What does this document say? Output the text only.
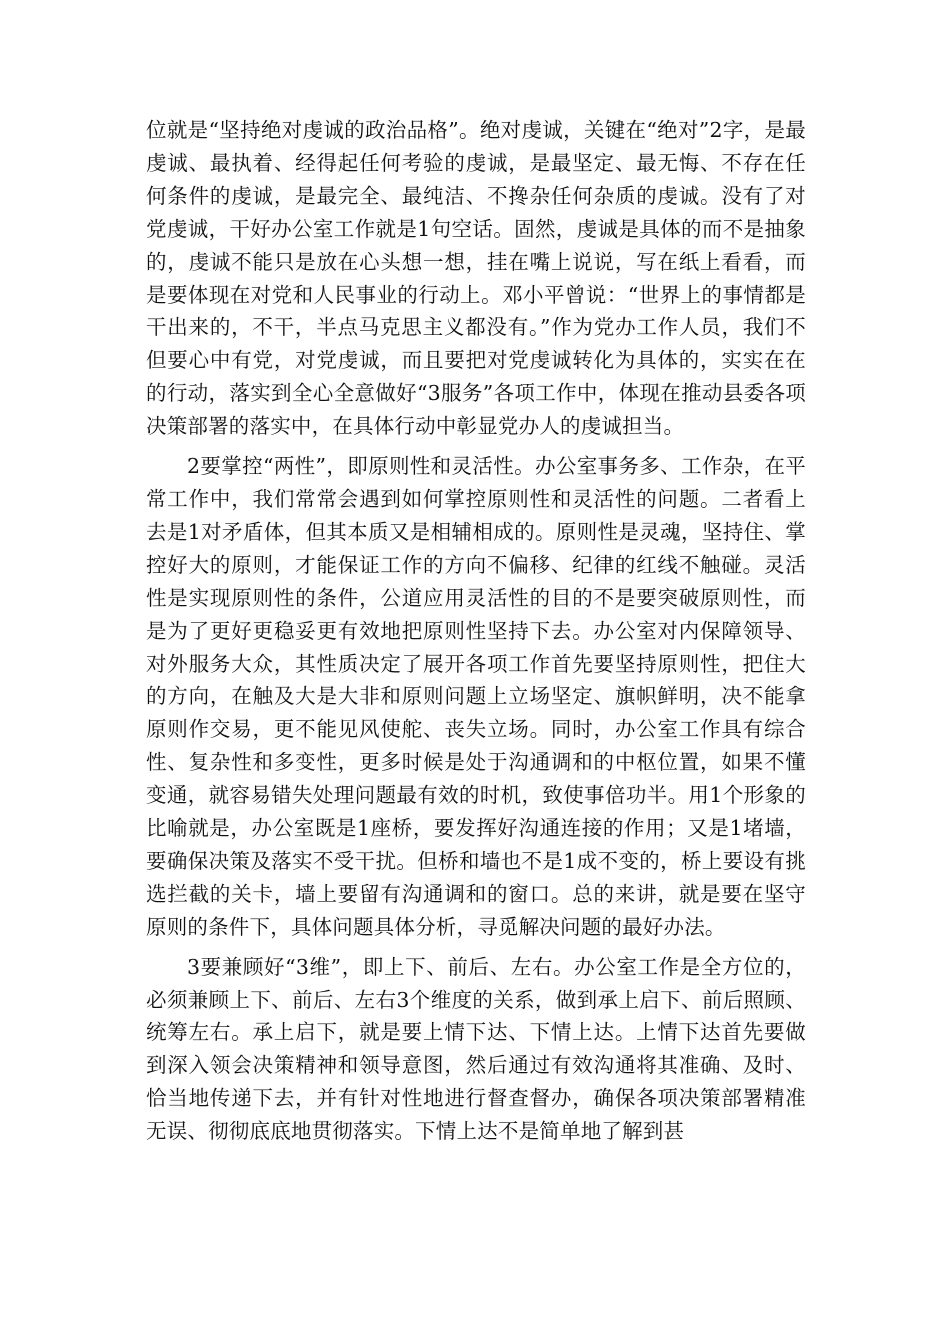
位就是“坚持绝对虔诚的政治品格”。绝对虔诚，关键在“绝对”2字，是最虔诚、最执着、经得起任何考验的虔诚，是最坚定、最无悔、不存在任何条件的虔诚，是最完全、最纯洁、不搀杂任何杂质的虔诚。没有了对党虔诚，干好办公室工作就是1句空话。固然，虔诚是具体的而不是抽象的，虔诚不能只是放在心头想一想，挂在嘴上说说，写在纸上看看，而是要体现在对党和人民事业的行动上。邓小平曾说：“世界上的事情都是干出来的，不干，半点马克思主义都没有。”作为党办工作人员，我们不但要心中有党，对党虔诚，而且要把对党虔诚转化为具体的，实实在在的行动，落实到全心全意做好“3服务”各项工作中，体现在推动县委各项决策部署的落实中，在具体行动中彰显党办人的虔诚担当。

2要掌控“两性”，即原则性和灵活性。办公室事务多、工作杂，在平常工作中，我们常常会遇到如何掌控原则性和灵活性的问题。二者看上去是1对矛盾体，但其本质又是相辅相成的。原则性是灵魂，坚持住、掌控好大的原则，才能保证工作的方向不偏移、纪律的红线不触碰。灵活性是实现原则性的条件，公道应用灵活性的目的不是要突破原则性，而是为了更好更稳妥更有效地把原则性坚持下去。办公室对内保障领导、对外服务大众，其性质决定了展开各项工作首先要坚持原则性，把住大的方向，在触及大是大非和原则问题上立场坚定、旗帜鲜明，决不能拿原则作交易，更不能见风使舵、丧失立场。同时，办公室工作具有综合性、复杂性和多变性，更多时候是处于沟通调和的中枢位置，如果不懂变通，就容易错失处理问题最有效的时机，致使事倍功半。用1个形象的比喻就是，办公室既是1座桥，要发挥好沟通连接的作用；又是1堵墙，要确保决策及落实不受干扰。但桥和墙也不是1成不变的，桥上要设有挑选拦截的关卡，墙上要留有沟通调和的窗口。总的来讲，就是要在坚守原则的条件下，具体问题具体分析，寻觅解决问题的最好办法。

3要兼顾好“3维”，即上下、前后、左右。办公室工作是全方位的，必须兼顾上下、前后、左右3个维度的关系，做到承上启下、前后照顾、统筹左右。承上启下，就是要上情下达、下情上达。上情下达首先要做到深入领会决策精神和领导意图，然后通过有效沟通将其准确、及时、恰当地传递下去，并有针对性地进行督查督办，确保各项决策部署精准无误、彻彻底底地贯彻落实。下情上达不是简单地了解到甚
